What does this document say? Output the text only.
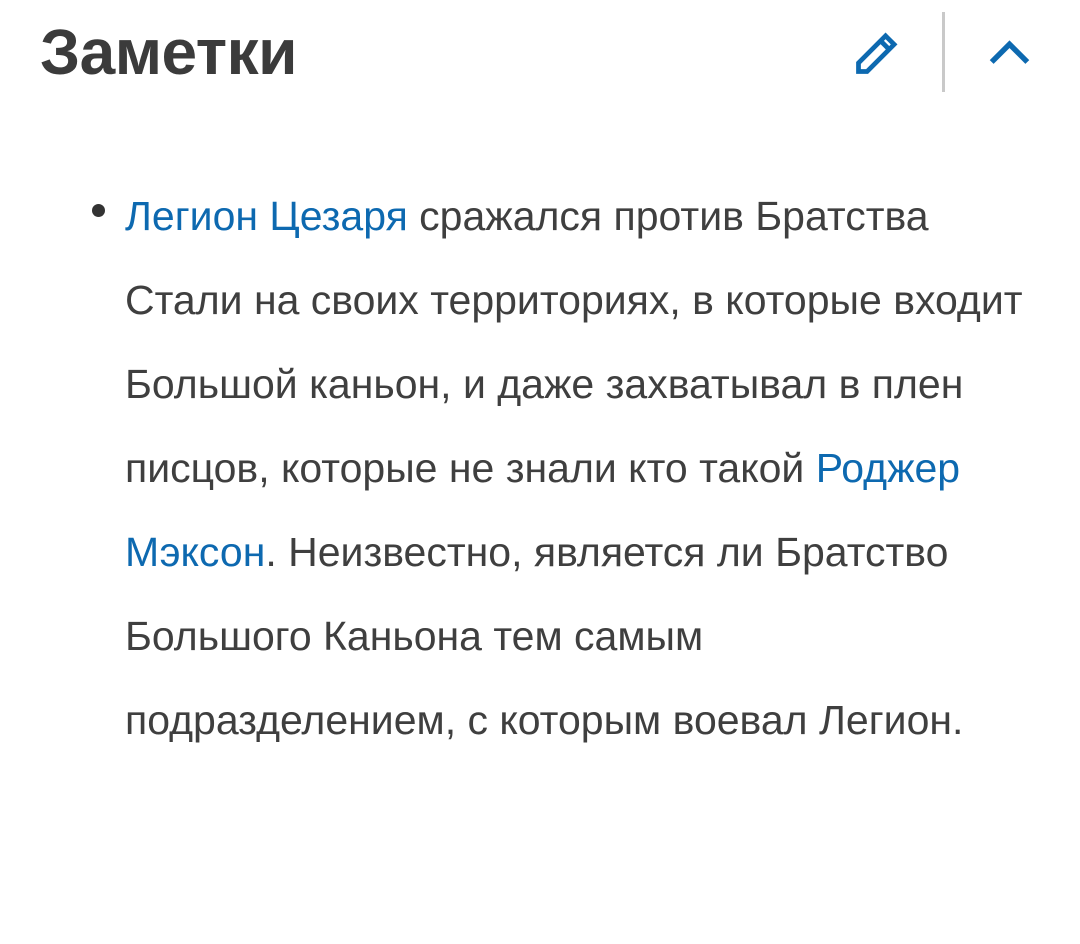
Заметки
Легион Цезаря сражался против Братства Стали на своих территориях, в которые входит Большой каньон, и даже захватывал в плен писцов, которые не знали кто такой Роджер Мэксон. Неизвестно, является ли Братство Большого Каньона тем самым подразделением, с которым воевал Легион.
